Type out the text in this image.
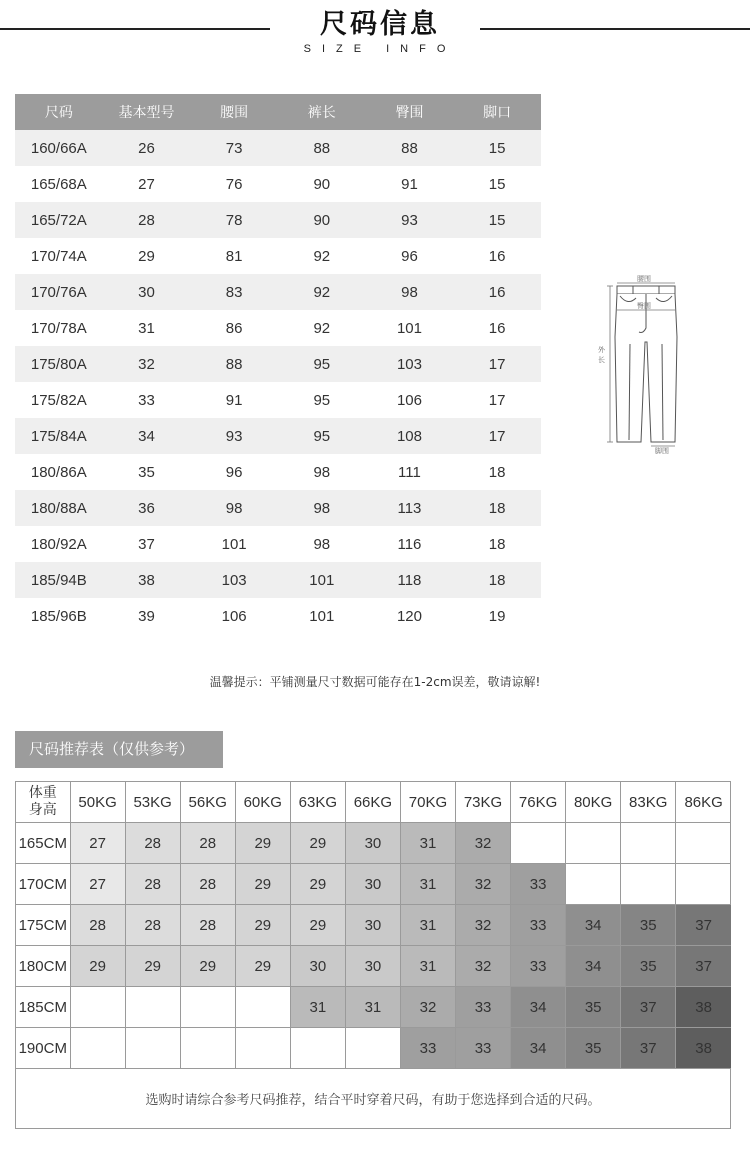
尺码信息
SIZE INFO
尺码	基本型号	腰围	裤长	臀围	脚口
160/66A	26	73	88	88	15
165/68A	27	76	90	91	15
165/72A	28	78	90	93	15
170/74A	29	81	92	96	16
170/76A	30	83	92	98	16
170/78A	31	86	92	101	16
175/80A	32	88	95	103	17
175/82A	33	91	95	106	17
175/84A	34	93	95	108	17
180/86A	35	96	98	111	18
180/88A	36	98	98	113	18
180/92A	37	101	98	116	18
185/94B	38	103	101	118	18
185/96B	39	106	101	120	19
腰围
臀围
外
长
脚围
温馨提示：平铺测量尺寸数据可能存在1-2cm误差，敬请谅解!
尺码推荐表（仅供参考）
体重
身高	50KG	53KG	56KG	60KG	63KG	66KG	70KG	73KG	76KG	80KG	83KG	86KG
165CM	27	28	28	29	29	30	31	32				
170CM	27	28	28	29	29	30	31	32	33			
175CM	28	28	28	29	29	30	31	32	33	34	35	37
180CM	29	29	29	29	30	30	31	32	33	34	35	37
185CM					31	31	32	33	34	35	37	38
190CM							33	33	34	35	37	38
选购时请综合参考尺码推荐，结合平时穿着尺码，有助于您选择到合适的尺码。
